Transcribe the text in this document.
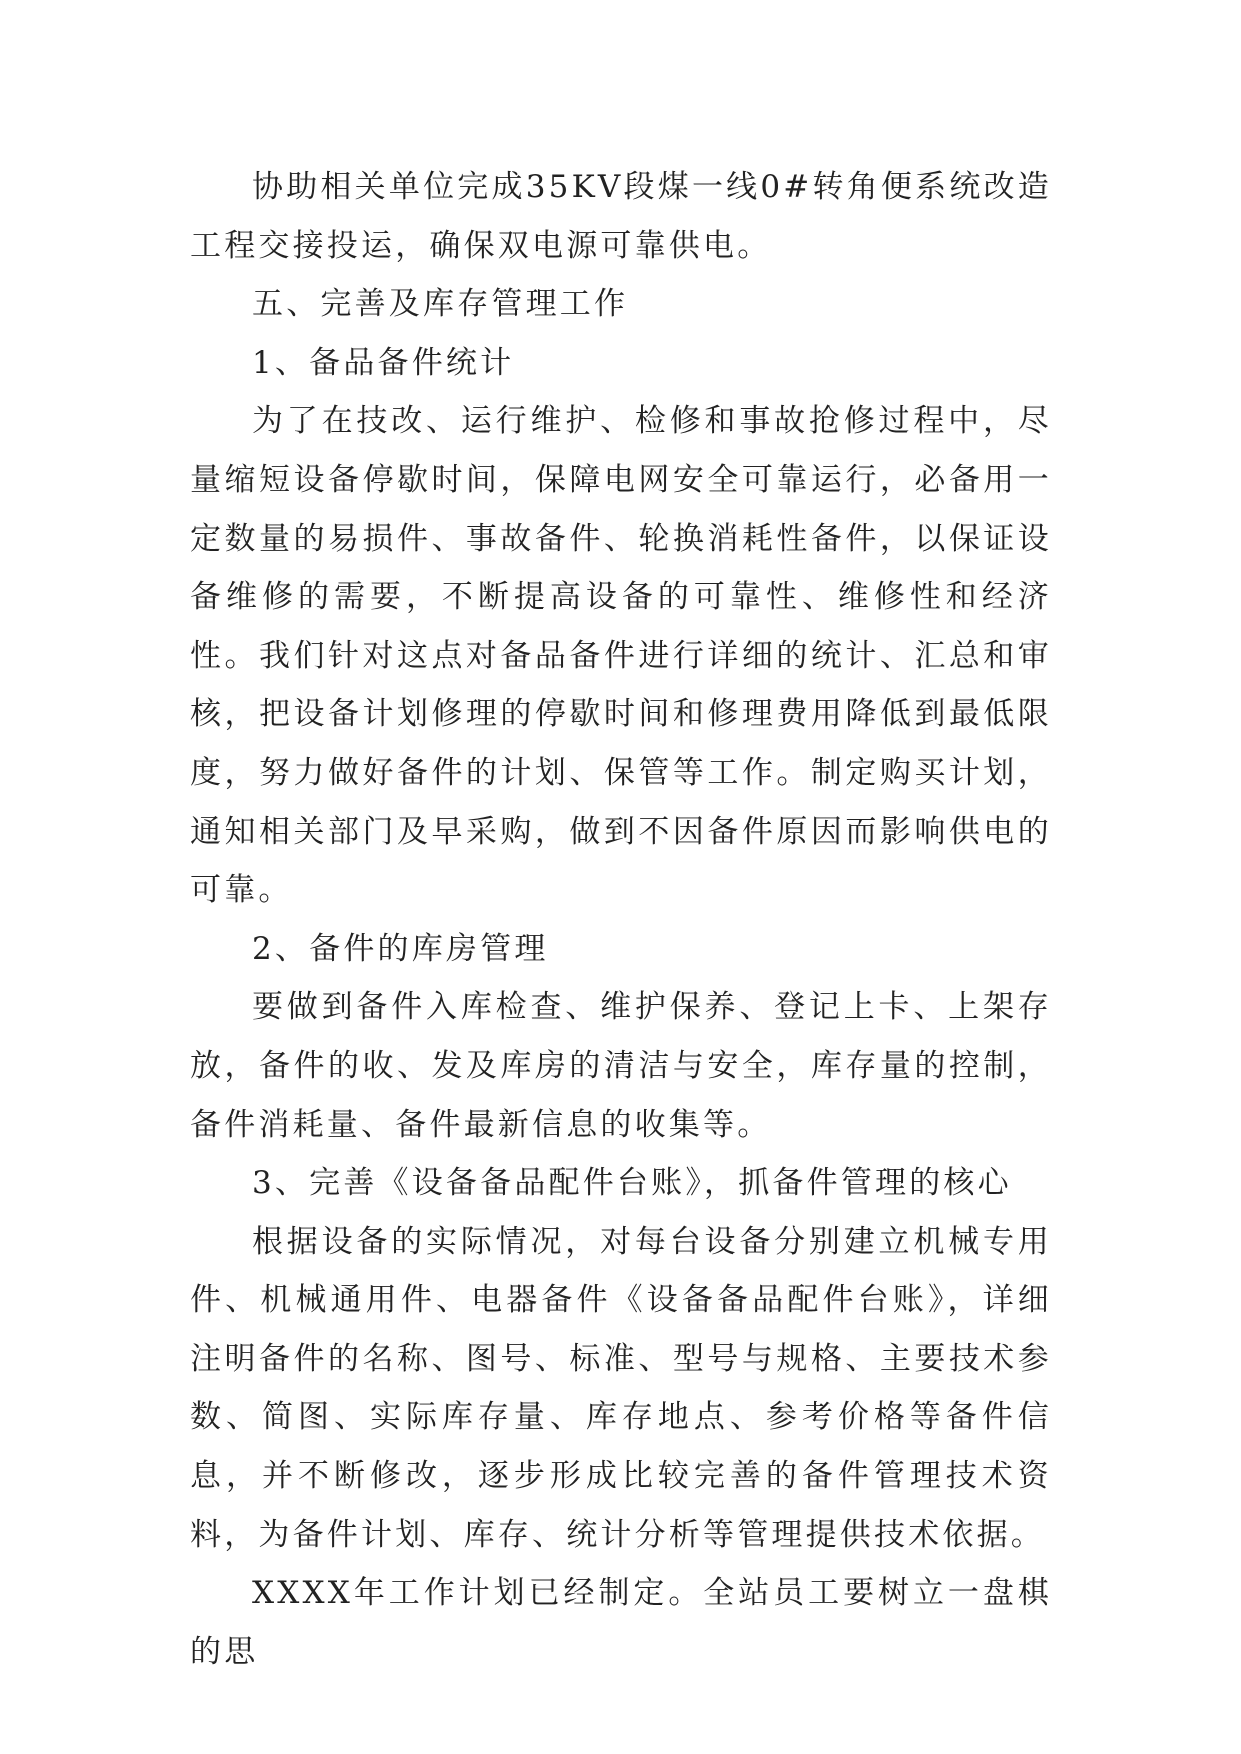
协助相关单位完成35KV段煤一线0#转角便系统改造工程交接投运，确保双电源可靠供电。

五、完善及库存管理工作

1、备品备件统计

为了在技改、运行维护、检修和事故抢修过程中，尽量缩短设备停歇时间，保障电网安全可靠运行，必备用一定数量的易损件、事故备件、轮换消耗性备件，以保证设备维修的需要，不断提高设备的可靠性、维修性和经济性。我们针对这点对备品备件进行详细的统计、汇总和审核，把设备计划修理的停歇时间和修理费用降低到最低限度，努力做好备件的计划、保管等工作。制定购买计划，通知相关部门及早采购，做到不因备件原因而影响供电的可靠。

2、备件的库房管理

要做到备件入库检查、维护保养、登记上卡、上架存放，备件的收、发及库房的清洁与安全，库存量的控制，备件消耗量、备件最新信息的收集等。

3、完善《设备备品配件台账》，抓备件管理的核心

根据设备的实际情况，对每台设备分别建立机械专用件、机械通用件、电器备件《设备备品配件台账》，详细注明备件的名称、图号、标准、型号与规格、主要技术参数、简图、实际库存量、库存地点、参考价格等备件信息，并不断修改，逐步形成比较完善的备件管理技术资料，为备件计划、库存、统计分析等管理提供技术依据。

XXXX年工作计划已经制定。全站员工要树立一盘棋的思
